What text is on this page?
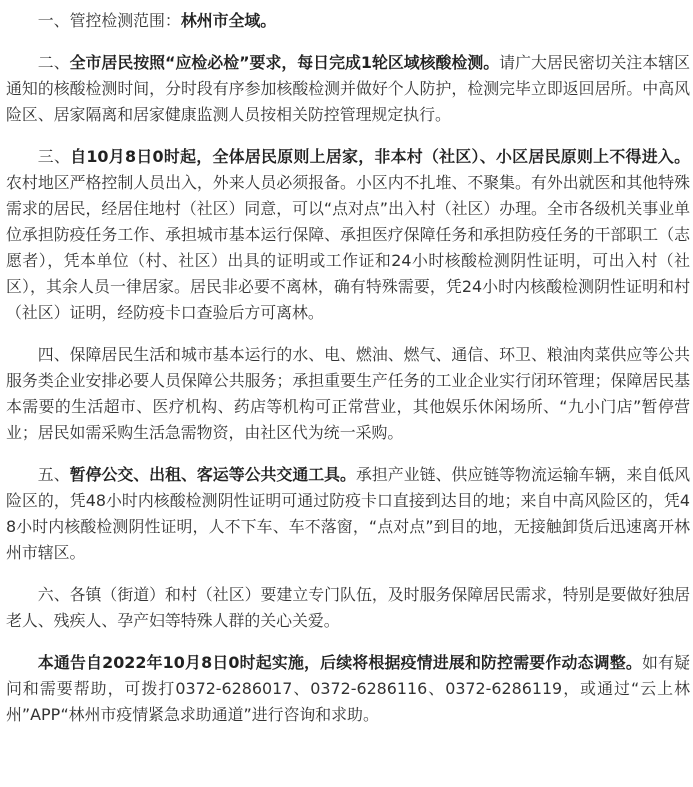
一、管控检测范围：林州市全域。

二、全市居民按照“应检必检”要求，每日完成1轮区域核酸检测。请广大居民密切关注本辖区通知的核酸检测时间，分时段有序参加核酸检测并做好个人防护，检测完毕立即返回居所。中高风险区、居家隔离和居家健康监测人员按相关防控管理规定执行。

三、自10月8日0时起，全体居民原则上居家，非本村（社区）、小区居民原则上不得进入。农村地区严格控制人员出入，外来人员必须报备。小区内不扎堆、不聚集。有外出就医和其他特殊需求的居民，经居住地村（社区）同意，可以“点对点”出入村（社区）办理。全市各级机关事业单位承担防疫任务工作、承担城市基本运行保障、承担医疗保障任务和承担防疫任务的干部职工（志愿者），凭本单位（村、社区）出具的证明或工作证和24小时核酸检测阴性证明，可出入村（社区），其余人员一律居家。居民非必要不离林，确有特殊需要，凭24小时内核酸检测阴性证明和村（社区）证明，经防疫卡口查验后方可离林。

四、保障居民生活和城市基本运行的水、电、燃油、燃气、通信、环卫、粮油肉菜供应等公共服务类企业安排必要人员保障公共服务；承担重要生产任务的工业企业实行闭环管理；保障居民基本需要的生活超市、医疗机构、药店等机构可正常营业，其他娱乐休闲场所、“九小门店”暂停营业；居民如需采购生活急需物资，由社区代为统一采购。

五、暂停公交、出租、客运等公共交通工具。承担产业链、供应链等物流运输车辆，来自低风险区的，凭48小时内核酸检测阴性证明可通过防疫卡口直接到达目的地；来自中高风险区的，凭48小时内核酸检测阴性证明，人不下车、车不落窗，“点对点”到目的地，无接触卸货后迅速离开林州市辖区。

六、各镇（街道）和村（社区）要建立专门队伍，及时服务保障居民需求，特别是要做好独居老人、残疾人、孕产妇等特殊人群的关心关爱。

本通告自2022年10月8日0时起实施，后续将根据疫情进展和防控需要作动态调整。如有疑问和需要帮助，可拨打0372-6286017、0372-6286116、0372-6286119，或通过“云上林州”APP“林州市疫情紧急求助通道”进行咨询和求助。
